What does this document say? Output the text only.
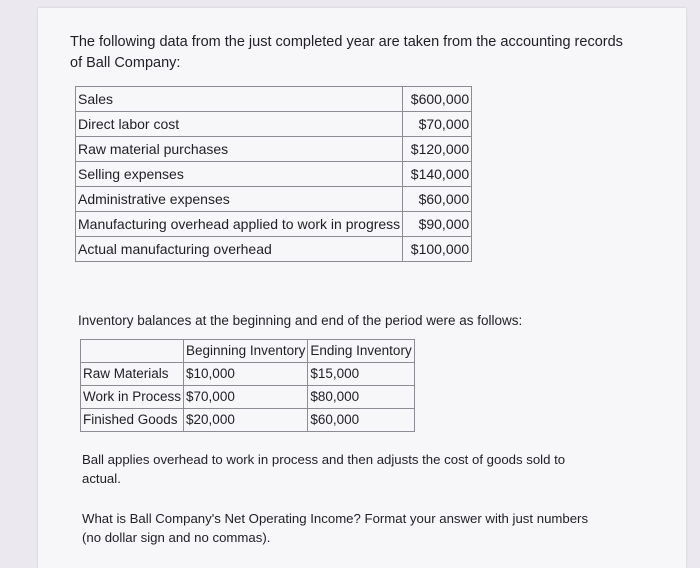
The following data from the just completed year are taken from the accounting records of Ball Company:

Sales	$600,000
Direct labor cost	$70,000
Raw material purchases	$120,000
Selling expenses	$140,000
Administrative expenses	$60,000
Manufacturing overhead applied to work in progress	$90,000
Actual manufacturing overhead	$100,000

Inventory balances at the beginning and end of the period were as follows:

	Beginning Inventory	Ending Inventory
Raw Materials	$10,000	$15,000
Work in Process	$70,000	$80,000
Finished Goods	$20,000	$60,000

Ball applies overhead to work in process and then adjusts the cost of goods sold to actual.

What is Ball Company's Net Operating Income? Format your answer with just numbers (no dollar sign and no commas).
